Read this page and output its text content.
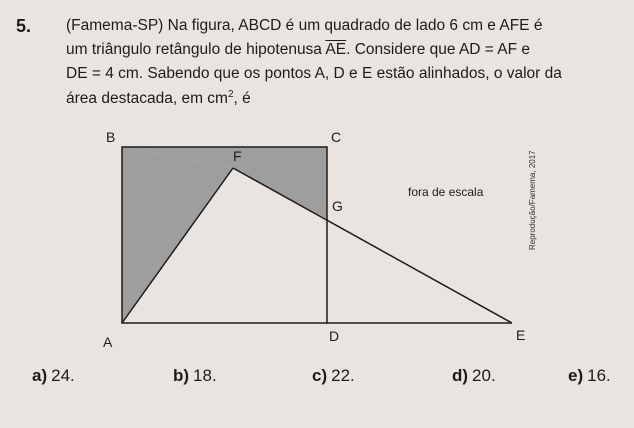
5. (Famema-SP) Na figura, ABCD é um quadrado de lado 6 cm e AFE é
um triângulo retângulo de hipotenusa $\overline{AE}$. Considere que AD = AF e
DE = 4 cm. Sabendo que os pontos A, D e E estão alinhados, o valor da
área destacada, em $cm^2$, é
B	C
F
G
A	D	E
fora de escala	Reprodução/Famema, 2017
a) 24.	b) 18.	c) 22.	d) 20.	e) 16.
